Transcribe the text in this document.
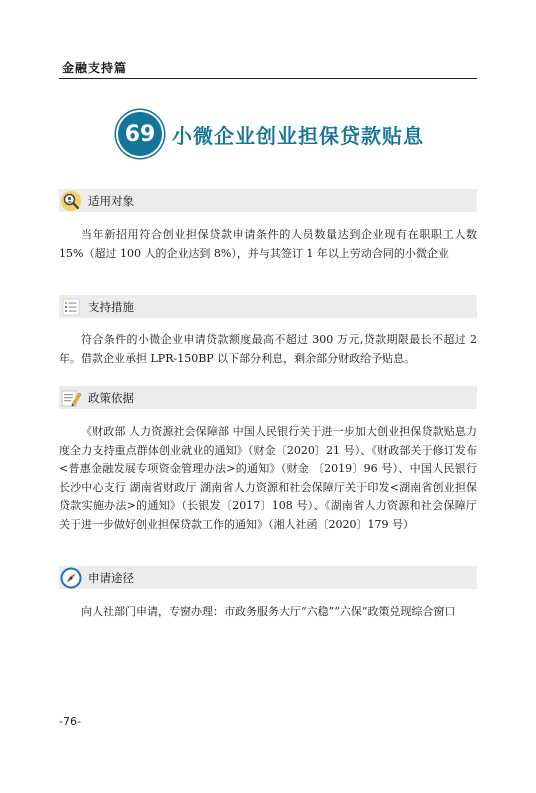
金融支持篇
69 小微企业创业担保贷款贴息
适用对象

当年新招用符合创业担保贷款申请条件的人员数量达到企业现有在职职工人数 15%（超过 100 人的企业达到 8%），并与其签订 1 年以上劳动合同的小微企业

支持措施

符合条件的小微企业申请贷款额度最高不超过 300 万元,贷款期限最长不超过 2 年。借款企业承担 LPR-150BP 以下部分利息，剩余部分财政给予贴息。

政策依据

《财政部 人力资源社会保障部 中国人民银行关于进一步加大创业担保贷款贴息力度全力支持重点群体创业就业的通知》（财金〔2020〕21 号）、《财政部关于修订发布<普惠金融发展专项资金管理办法>的通知》（财金 〔2019〕96 号）、中国人民银行长沙中心支行 湖南省财政厅 湖南省人力资源和社会保障厅关于印发<湖南省创业担保贷款实施办法>的通知》（长银发〔2017〕108 号）、《湖南省人力资源和社会保障厅关于进一步做好创业担保贷款工作的通知》（湘人社函〔2020〕179 号）

申请途径

向人社部门申请，专窗办理：市政务服务大厅“六稳”“六保”政策兑现综合窗口

-76-
